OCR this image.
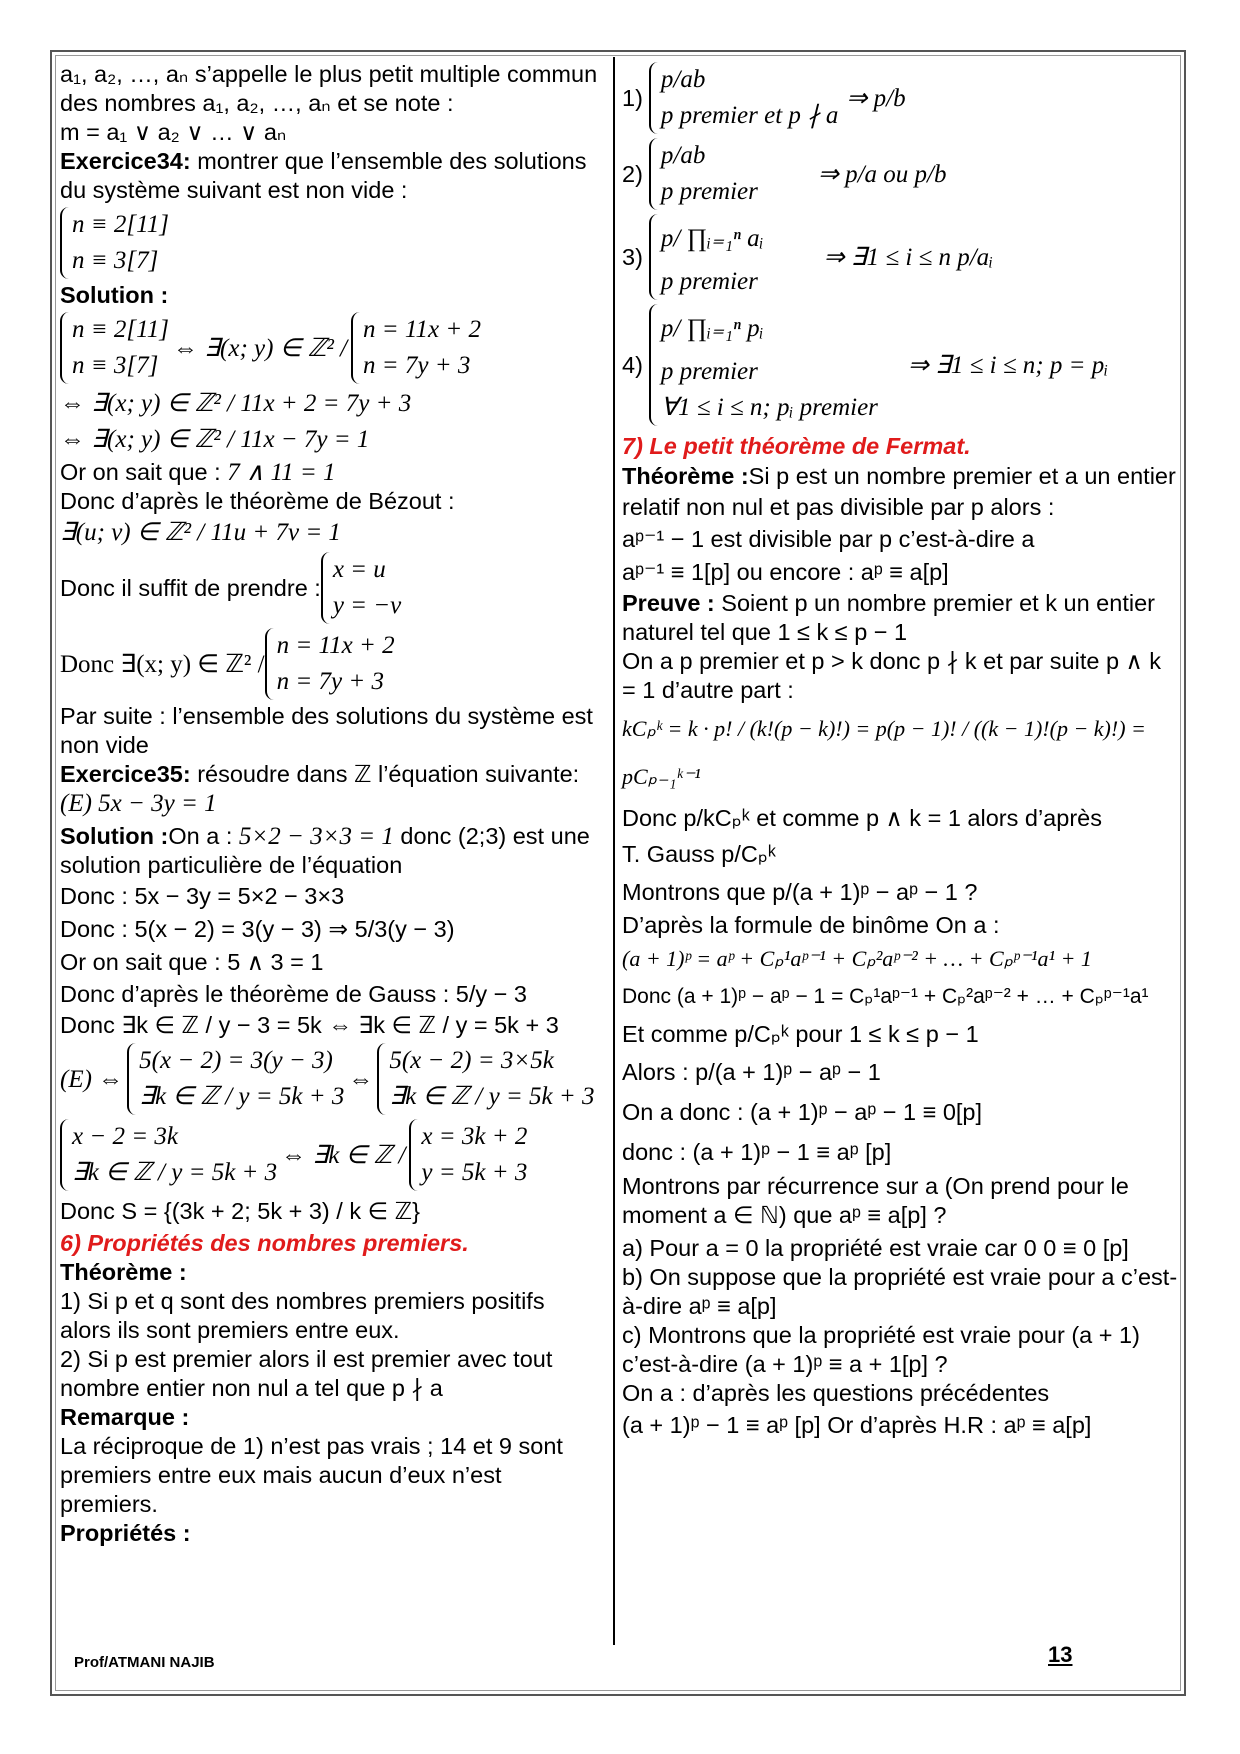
a₁, a₂, …, aₙ s’appelle le plus petit multiple commun des nombres a₁, a₂, …, aₙ et se note :

m = a₁ ∨ a₂ ∨ … ∨ aₙ

Exercice34: montrer que l’ensemble des solutions du système suivant est non vide :

n ≡ 2[11]
n ≡ 3[7]

Solution :

n ≡ 2[11]
n ≡ 3[7]
⇔ ∃(x; y) ∈ ℤ² /
n = 11x + 2
n = 7y + 3

⇔ ∃(x; y) ∈ ℤ² / 11x + 2 = 7y + 3

⇔ ∃(x; y) ∈ ℤ² / 11x − 7y = 1

Or on sait que : 7 ∧ 11 = 1

Donc d’après le théorème de Bézout :

∃(u; v) ∈ ℤ² / 11u + 7v = 1

Donc il suffit de prendre :
x = u
y = −v
Donc ∃(x; y) ∈ ℤ² /
n = 11x + 2
n = 7y + 3

Par suite : l’ensemble des solutions du système est non vide

Exercice35: résoudre dans ℤ l’équation suivante: (E) 5x − 3y = 1

Solution :On a : 5×2 − 3×3 = 1 donc (2;3) est une solution particulière de l’équation

Donc : 5x − 3y = 5×2 − 3×3

Donc : 5(x − 2) = 3(y − 3) ⇒ 5/3(y − 3)

Or on sait que : 5 ∧ 3 = 1

Donc d’après le théorème de Gauss : 5/y − 3

Donc ∃k ∈ ℤ / y − 3 = 5k ⇔ ∃k ∈ ℤ / y = 5k + 3

(E) ⇔
5(x − 2) = 3(y − 3)
∃k ∈ ℤ / y = 5k + 3
⇔
5(x − 2) = 3×5k
∃k ∈ ℤ / y = 5k + 3
x − 2 = 3k
∃k ∈ ℤ / y = 5k + 3
⇔ ∃k ∈ ℤ /
x = 3k + 2
y = 5k + 3

Donc S = {(3k + 2; 5k + 3) / k ∈ ℤ}

6) Propriétés des nombres premiers.

Théorème :

1) Si p et q sont des nombres premiers positifs alors ils sont premiers entre eux.

2) Si p est premier alors il est premier avec tout nombre entier non nul a tel que p ∤ a

Remarque :

La réciproque de 1) n’est pas vrais ; 14 et 9 sont premiers entre eux mais aucun d’eux n’est premiers.

Propriétés :

1)
p/ab
p premier et p ∤ a
⇒ p/b
2)
p/ab
p premier
⇒ p/a ou p/b
3)
p/ ∏ᵢ₌₁ⁿ aᵢ
p premier
⇒ ∃1 ≤ i ≤ n p/aᵢ
4)
p/ ∏ᵢ₌₁ⁿ pᵢ
p premier
∀1 ≤ i ≤ n; pᵢ premier
⇒ ∃1 ≤ i ≤ n; p = pᵢ

7) Le petit théorème de Fermat.

Théorème :Si p est un nombre premier et a un entier relatif non nul et pas divisible par p alors :

aᵖ⁻¹ − 1 est divisible par p c’est-à-dire a

aᵖ⁻¹ ≡ 1[p] ou encore : aᵖ ≡ a[p]

Preuve : Soient p un nombre premier et k un entier naturel tel que 1 ≤ k ≤ p − 1

On a p premier et p > k donc p ∤ k et par suite p ∧ k = 1 d’autre part :

kCₚᵏ = k · p! / (k!(p − k)!) = p(p − 1)! / ((k − 1)!(p − k)!) = pCₚ₋₁ᵏ⁻¹

Donc p/kCₚᵏ et comme p ∧ k = 1 alors d’après

T. Gauss p/Cₚᵏ

Montrons que p/(a + 1)ᵖ − aᵖ − 1 ?

D’après la formule de binôme On a :

(a + 1)ᵖ = aᵖ + Cₚ¹aᵖ⁻¹ + Cₚ²aᵖ⁻² + … + Cₚᵖ⁻¹a¹ + 1

Donc (a + 1)ᵖ − aᵖ − 1 = Cₚ¹aᵖ⁻¹ + Cₚ²aᵖ⁻² + … + Cₚᵖ⁻¹a¹

Et comme p/Cₚᵏ pour 1 ≤ k ≤ p − 1

Alors : p/(a + 1)ᵖ − aᵖ − 1

On a donc : (a + 1)ᵖ − aᵖ − 1 ≡ 0[p]

donc : (a + 1)ᵖ − 1 ≡ aᵖ [p]

Montrons par récurrence sur a (On prend pour le moment a ∈ ℕ) que aᵖ ≡ a[p] ?

a) Pour a = 0 la propriété est vraie car 0 0 ≡ 0 [p]

b) On suppose que la propriété est vraie pour a c’est-à-dire aᵖ ≡ a[p]

c) Montrons que la propriété est vraie pour (a + 1) c’est-à-dire (a + 1)ᵖ ≡ a + 1[p] ?

On a : d’après les questions précédentes

(a + 1)ᵖ − 1 ≡ aᵖ [p] Or d’après H.R : aᵖ ≡ a[p]

Prof/ATMANI NAJIB	13
